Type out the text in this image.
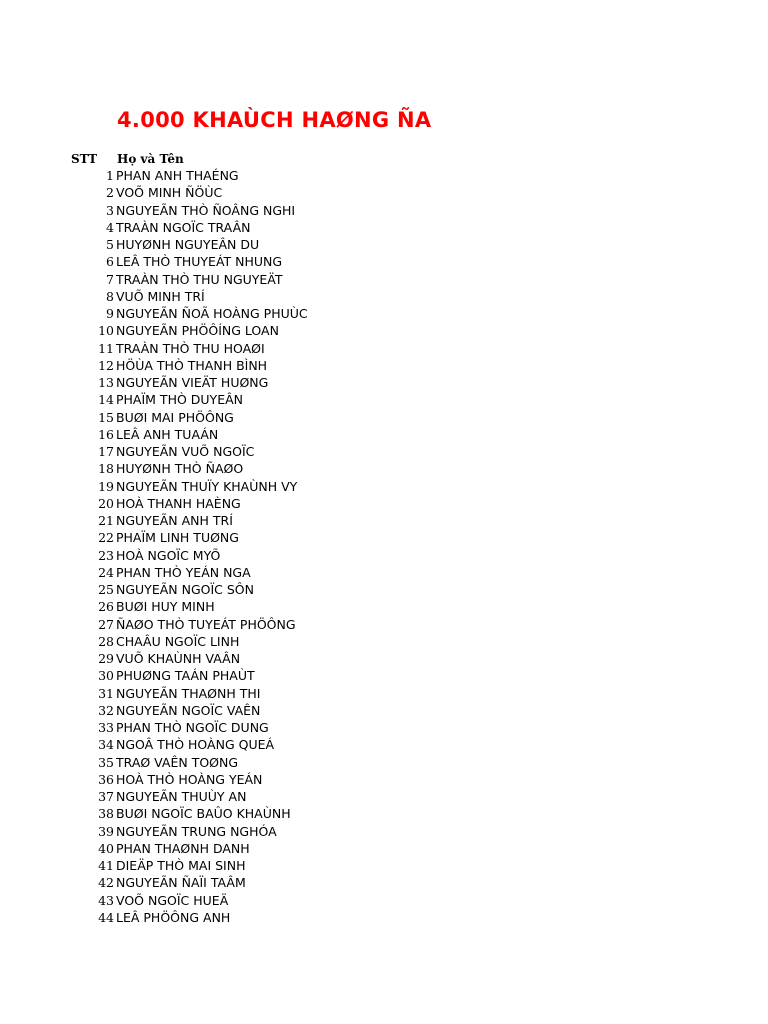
4.000 KHAÙCH HAØNG ÑA
STT Họ và Tên
1 PHAN ANH THAÉNG
2 VOÕ MINH ÑÖÙC
3 NGUYEÃN THÒ ÑOÂNG NGHI
4 TRAÀN NGOÏC TRAÂN
5 HUYØNH NGUYEÂN DU
6 LEÂ THÒ THUYEÁT NHUNG
7 TRAÀN THÒ THU NGUYEÄT
8 VUÕ MINH TRÍ
9 NGUYEÃN ÑOÃ HOÀNG PHUÙC
10 NGUYEÃN PHÖÔÍNG LOAN
11 TRAÀN THÒ THU HOAØI
12 HÖÙA THÒ THANH BÌNH
13 NGUYEÃN VIEÄT HUØNG
14 PHAÏM THÒ DUYEÂN
15 BUØI MAI PHÖÔNG
16 LEÂ ANH TUAÁN
17 NGUYEÃN VUÕ NGOÏC
18 HUYØNH THÒ ÑAØO
19 NGUYEÃN THUÏY KHAÙNH VY
20 HOÀ THANH HAÈNG
21 NGUYEÃN ANH TRÍ
22 PHAÏM LINH TUØNG
23 HOÀ NGOÏC MYÕ
24 PHAN THÒ YEÁN NGA
25 NGUYEÃN NGOÏC SÔN
26 BUØI HUY MINH
27 ÑAØO THÒ TUYEÁT PHÖÔNG
28 CHAÂU NGOÏC LINH
29 VUÕ KHAÙNH VAÂN
30 PHUØNG TAÁN PHAÙT
31 NGUYEÃN THAØNH THI
32 NGUYEÃN NGOÏC VAÊN
33 PHAN THÒ NGOÏC DUNG
34 NGOÂ THÒ HOÀNG QUEÁ
35 TRAØ VAÊN TOØNG
36 HOÀ THÒ HOÀNG YEÁN
37 NGUYEÃN THUÙY AN
38 BUØI NGOÏC BAÛO KHAÙNH
39 NGUYEÃN TRUNG NGHÓA
40 PHAN THAØNH DANH
41 DIEÄP THÒ MAI SINH
42 NGUYEÃN ÑAÏI TAÂM
43 VOÕ NGOÏC HUEÄ
44 LEÂ PHÖÔNG ANH
